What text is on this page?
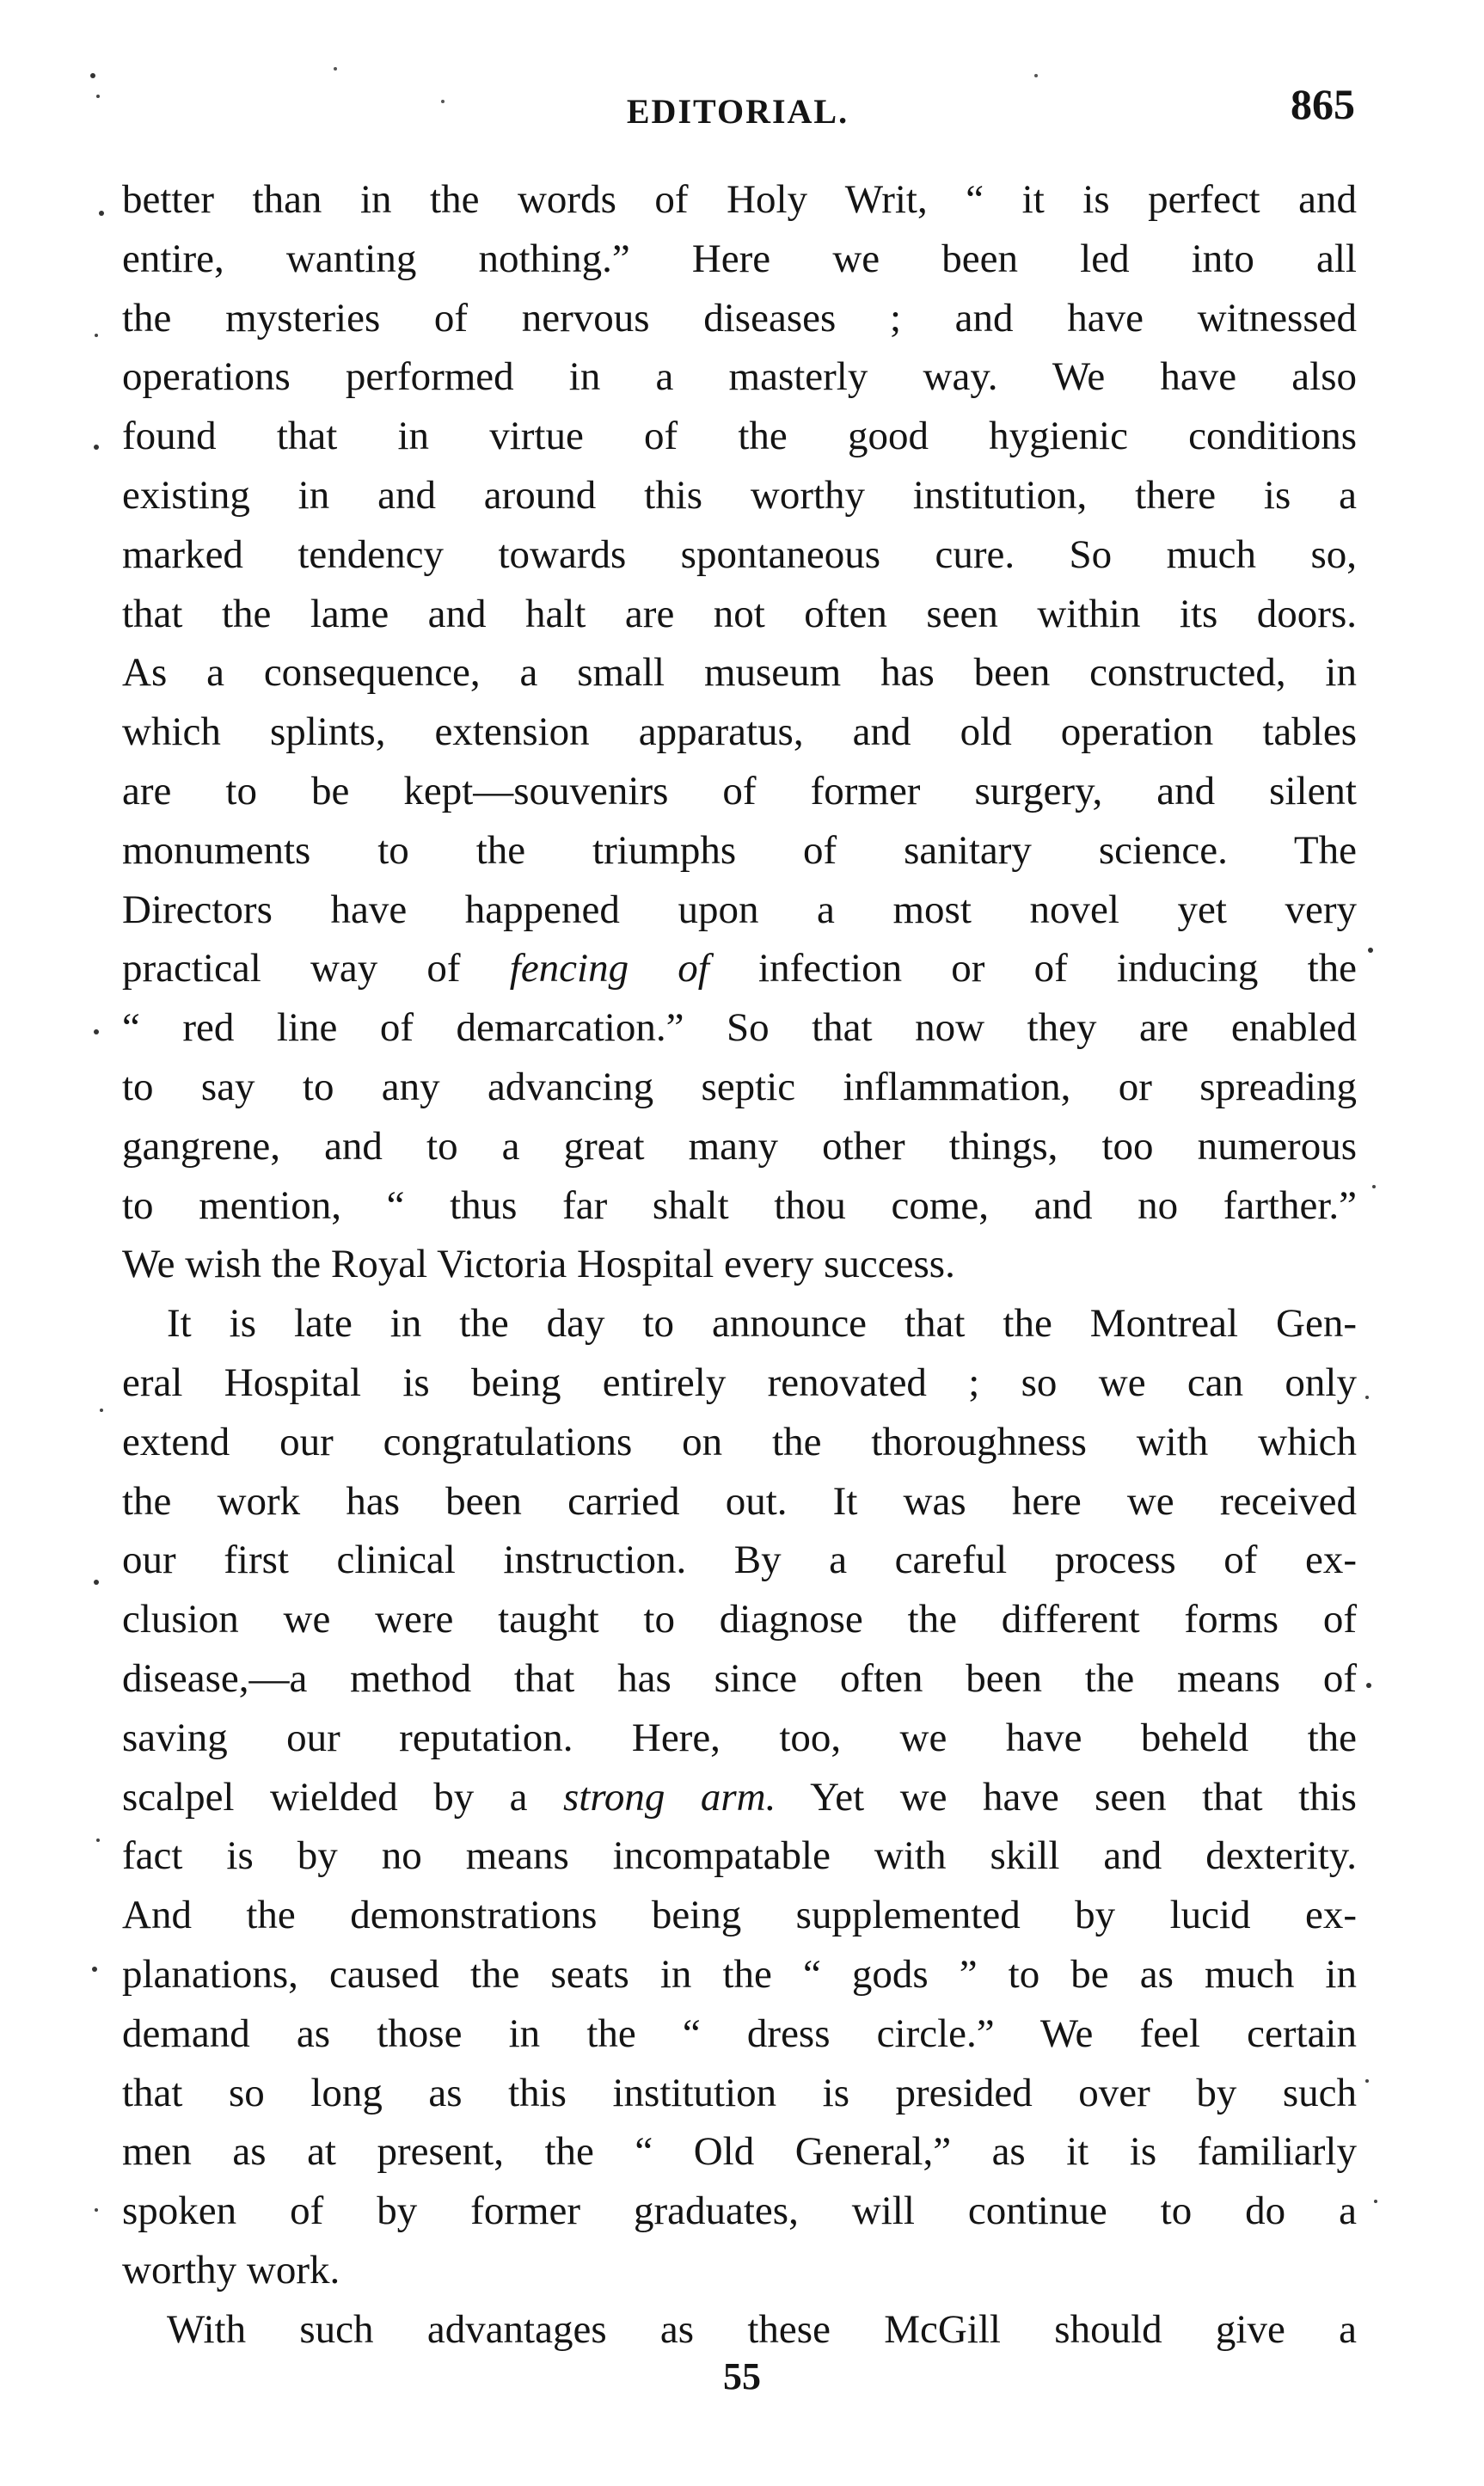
EDITORIAL.	865
better than in the words of Holy Writ, “ it is perfect and
entire, wanting nothing.” Here we been led into all
the mysteries of nervous diseases ; and have witnessed
operations performed in a masterly way. We have also
found that in virtue of the good hygienic conditions
existing in and around this worthy institution, there is a
marked tendency towards spontaneous cure. So much so,
that the lame and halt are not often seen within its doors.
As a consequence, a small museum has been constructed, in
which splints, extension apparatus, and old operation tables
are to be kept—souvenirs of former surgery, and silent
monuments to the triumphs of sanitary science. The
Directors have happened upon a most novel yet very
practical way of fencing of infection or of inducing the
“ red line of demarcation.” So that now they are enabled
to say to any advancing septic inflammation, or spreading
gangrene, and to a great many other things, too numerous
to mention, “ thus far shalt thou come, and no farther.”
We wish the Royal Victoria Hospital every success.
It is late in the day to announce that the Montreal Gen-
eral Hospital is being entirely renovated ; so we can only
extend our congratulations on the thoroughness with which
the work has been carried out. It was here we received
our first clinical instruction. By a careful process of ex-
clusion we were taught to diagnose the different forms of
disease,—a method that has since often been the means of
saving our reputation. Here, too, we have beheld the
scalpel wielded by a strong arm. Yet we have seen that this
fact is by no means incompatable with skill and dexterity.
And the demonstrations being supplemented by lucid ex-
planations, caused the seats in the “ gods ” to be as much in
demand as those in the “ dress circle.” We feel certain
that so long as this institution is presided over by such
men as at present, the “ Old General,” as it is familiarly
spoken of by former graduates, will continue to do a
worthy work.
With such advantages as these McGill should give a
55
